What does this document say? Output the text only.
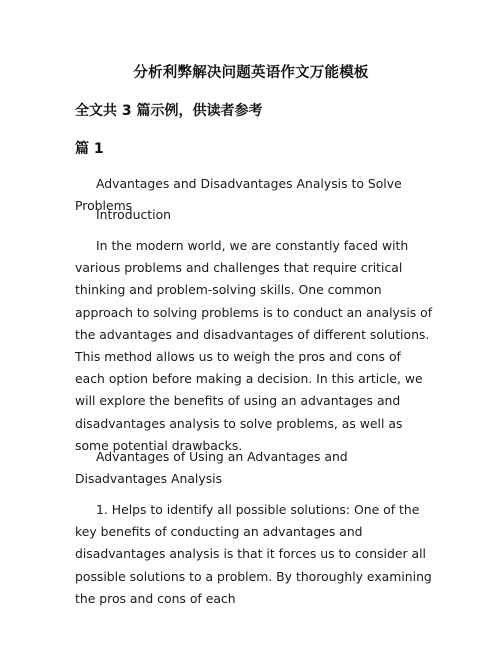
分析利弊解决问题英语作文万能模板
全文共 3 篇示例，供读者参考
篇 1

Advantages and Disadvantages Analysis to Solve Problems

Introduction

In the modern world, we are constantly faced with various problems and challenges that require critical thinking and problem-solving skills. One common approach to solving problems is to conduct an analysis of the advantages and disadvantages of different solutions. This method allows us to weigh the pros and cons of each option before making a decision. In this article, we will explore the benefits of using an advantages and disadvantages analysis to solve problems, as well as some potential drawbacks.

Advantages of Using an Advantages and Disadvantages Analysis

1. Helps to identify all possible solutions: One of the key benefits of conducting an advantages and disadvantages analysis is that it forces us to consider all possible solutions to a problem. By thoroughly examining the pros and cons of each
